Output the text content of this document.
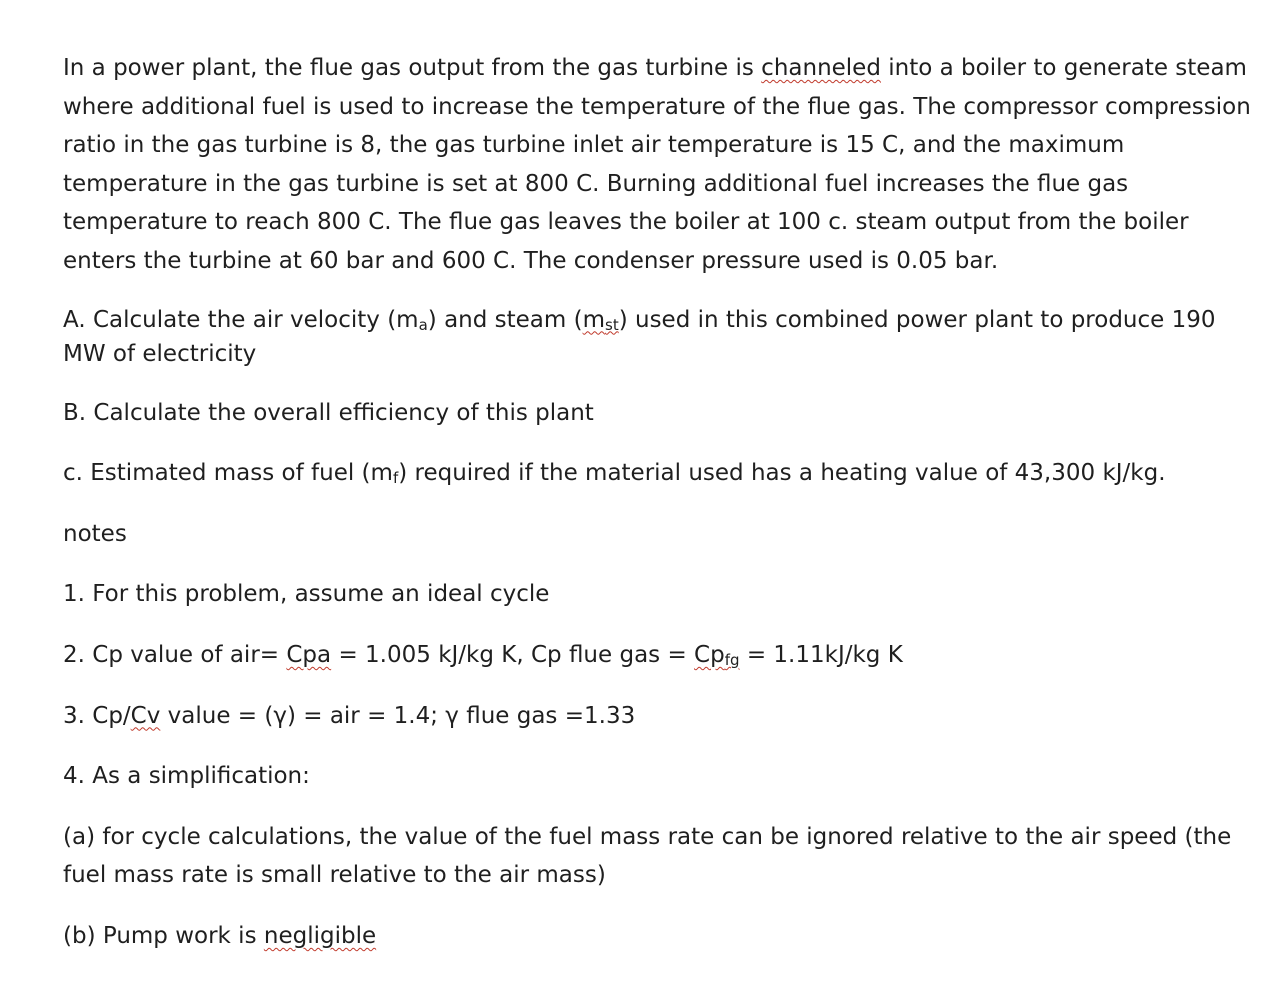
In a power plant, the flue gas output from the gas turbine is channeled into a boiler to generate steam where additional fuel is used to increase the temperature of the flue gas. The compressor compression ratio in the gas turbine is 8, the gas turbine inlet air temperature is 15 C, and the maximum temperature in the gas turbine is set at 800 C. Burning additional fuel increases the flue gas temperature to reach 800 C. The flue gas leaves the boiler at 100 c. steam output from the boiler enters the turbine at 60 bar and 600 C. The condenser pressure used is 0.05 bar.

A. Calculate the air velocity $(m_a)$ and steam $(m_{st})$ used in this combined power plant to produce 190 MW of electricity

B. Calculate the overall efficiency of this plant

c. Estimated mass of fuel $(m_f)$ required if the material used has a heating value of 43,300 kJ/kg.

notes

1. For this problem, assume an ideal cycle

2. Cp value of air= Cpa = 1.005 kJ/kg K, Cp flue gas = $Cp_{fg} = 1.11kJ/kg$ K

3. Cp/Cv value = (γ) = air = 1.4; γ flue gas =1.33

4. As a simplification:

(a) for cycle calculations, the value of the fuel mass rate can be ignored relative to the air speed (the fuel mass rate is small relative to the air mass)

(b) Pump work is negligible
